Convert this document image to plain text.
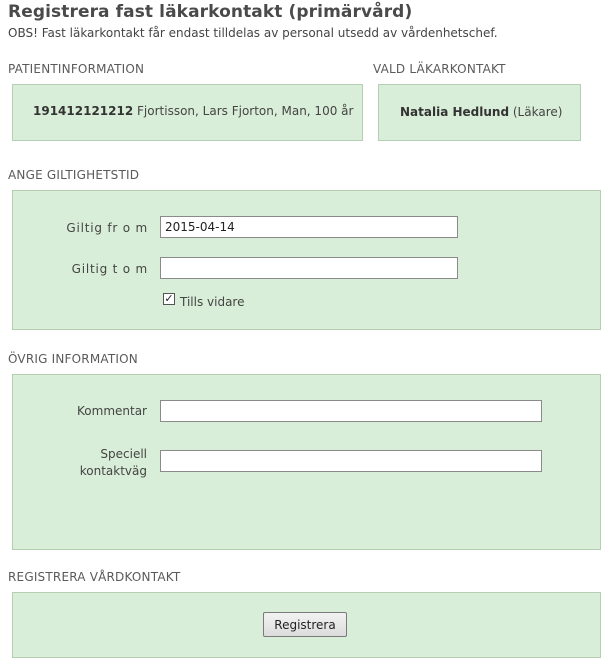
Registrera fast läkarkontakt (primärvård)
OBS! Fast läkarkontakt får endast tilldelas av personal utsedd av vårdenhetschef.
PATIENTINFORMATION
191412121212 Fjortisson, Lars Fjorton, Man, 100 år
VALD LÄKARKONTAKT
Natalia Hedlund (Läkare)
ANGE GILTIGHETSTID
Giltig fr o m
2015-04-14
Giltig t o m
✓ Tills vidare
ÖVRIG INFORMATION
Kommentar
Speciell kontaktväg
REGISTRERA VÅRDKONTAKT
Registrera
